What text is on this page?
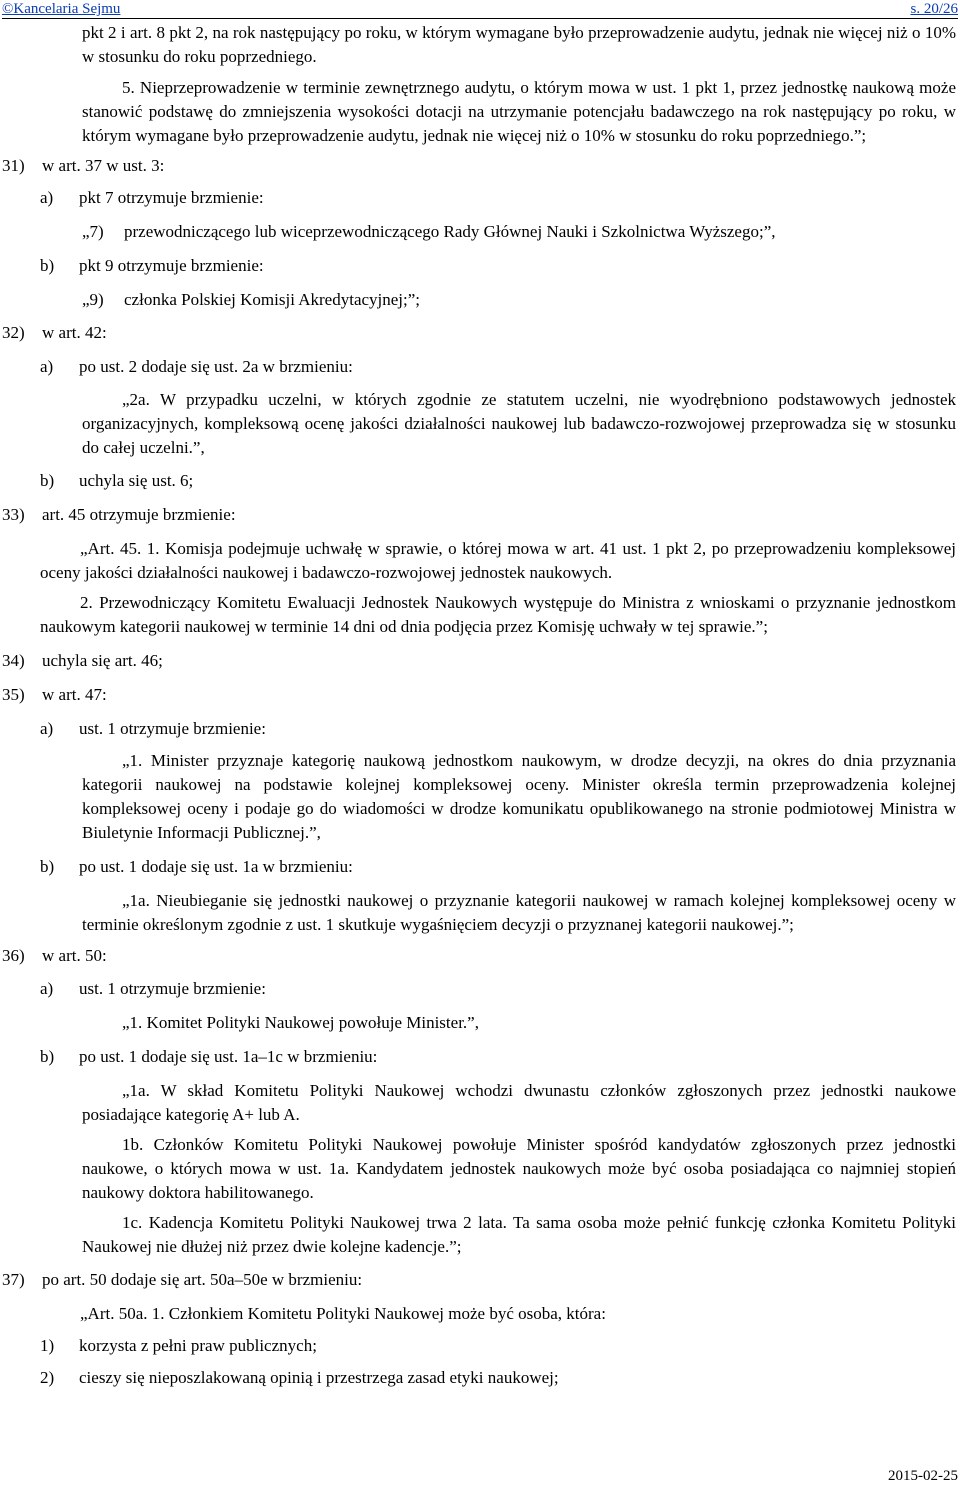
©Kancelaria Sejmu	s. 20/26

pkt 2 i art. 8 pkt 2, na rok następujący po roku, w którym wymagane było przeprowadzenie audytu, jednak nie więcej niż o 10% w stosunku do roku poprzedniego.

5. Nieprzeprowadzenie w terminie zewnętrznego audytu, o którym mowa w ust. 1 pkt 1, przez jednostkę naukową może stanowić podstawę do zmniejszenia wysokości dotacji na utrzymanie potencjału badawczego na rok następujący po roku, w którym wymagane było przeprowadzenie audytu, jednak nie więcej niż o 10% w stosunku do roku poprzedniego.”;

31)	w art. 37 w ust. 3:
a)	pkt 7 otrzymuje brzmienie:
„7)	przewodniczącego lub wiceprzewodniczącego Rady Głównej Nauki i Szkolnictwa Wyższego;”,
b)	pkt 9 otrzymuje brzmienie:
„9)	członka Polskiej Komisji Akredytacyjnej;”;
32)	w art. 42:
a)	po ust. 2 dodaje się ust. 2a w brzmieniu:

„2a. W przypadku uczelni, w których zgodnie ze statutem uczelni, nie wyodrębniono podstawowych jednostek organizacyjnych, kompleksową ocenę jakości działalności naukowej lub badawczo-rozwojowej przeprowadza się w stosunku do całej uczelni.”,

b)	uchyla się ust. 6;
33)	art. 45 otrzymuje brzmienie:

„Art. 45. 1. Komisja podejmuje uchwałę w sprawie, o której mowa w art. 41 ust. 1 pkt 2, po przeprowadzeniu kompleksowej oceny jakości działalności naukowej i badawczo-rozwojowej jednostek naukowych.

2. Przewodniczący Komitetu Ewaluacji Jednostek Naukowych występuje do Ministra z wnioskami o przyznanie jednostkom naukowym kategorii naukowej w terminie 14 dni od dnia podjęcia przez Komisję uchwały w tej sprawie.”;

34)	uchyla się art. 46;
35)	w art. 47:
a)	ust. 1 otrzymuje brzmienie:

„1. Minister przyznaje kategorię naukową jednostkom naukowym, w drodze decyzji, na okres do dnia przyznania kategorii naukowej na podstawie kolejnej kompleksowej oceny. Minister określa termin przeprowadzenia kolejnej kompleksowej oceny i podaje go do wiadomości w drodze komunikatu opublikowanego na stronie podmiotowej Ministra w Biuletynie Informacji Publicznej.”,

b)	po ust. 1 dodaje się ust. 1a w brzmieniu:

„1a. Nieubieganie się jednostki naukowej o przyznanie kategorii naukowej w ramach kolejnej kompleksowej oceny w terminie określonym zgodnie z ust. 1 skutkuje wygaśnięciem decyzji o przyznanej kategorii naukowej.”;

36)	w art. 50:
a)	ust. 1 otrzymuje brzmienie:

„1. Komitet Polityki Naukowej powołuje Minister.”,

b)	po ust. 1 dodaje się ust. 1a–1c w brzmieniu:

„1a. W skład Komitetu Polityki Naukowej wchodzi dwunastu członków zgłoszonych przez jednostki naukowe posiadające kategorię A+ lub A.

1b. Członków Komitetu Polityki Naukowej powołuje Minister spośród kandydatów zgłoszonych przez jednostki naukowe, o których mowa w ust. 1a. Kandydatem jednostek naukowych może być osoba posiadająca co najmniej stopień naukowy doktora habilitowanego.

1c. Kadencja Komitetu Polityki Naukowej trwa 2 lata. Ta sama osoba może pełnić funkcję członka Komitetu Polityki Naukowej nie dłużej niż przez dwie kolejne kadencje.”;

37)	po art. 50 dodaje się art. 50a–50e w brzmieniu:

„Art. 50a. 1. Członkiem Komitetu Polityki Naukowej może być osoba, która:

1)	korzysta z pełni praw publicznych;
2)	cieszy się nieposzlakowaną opinią i przestrzega zasad etyki naukowej;
2015-02-25
